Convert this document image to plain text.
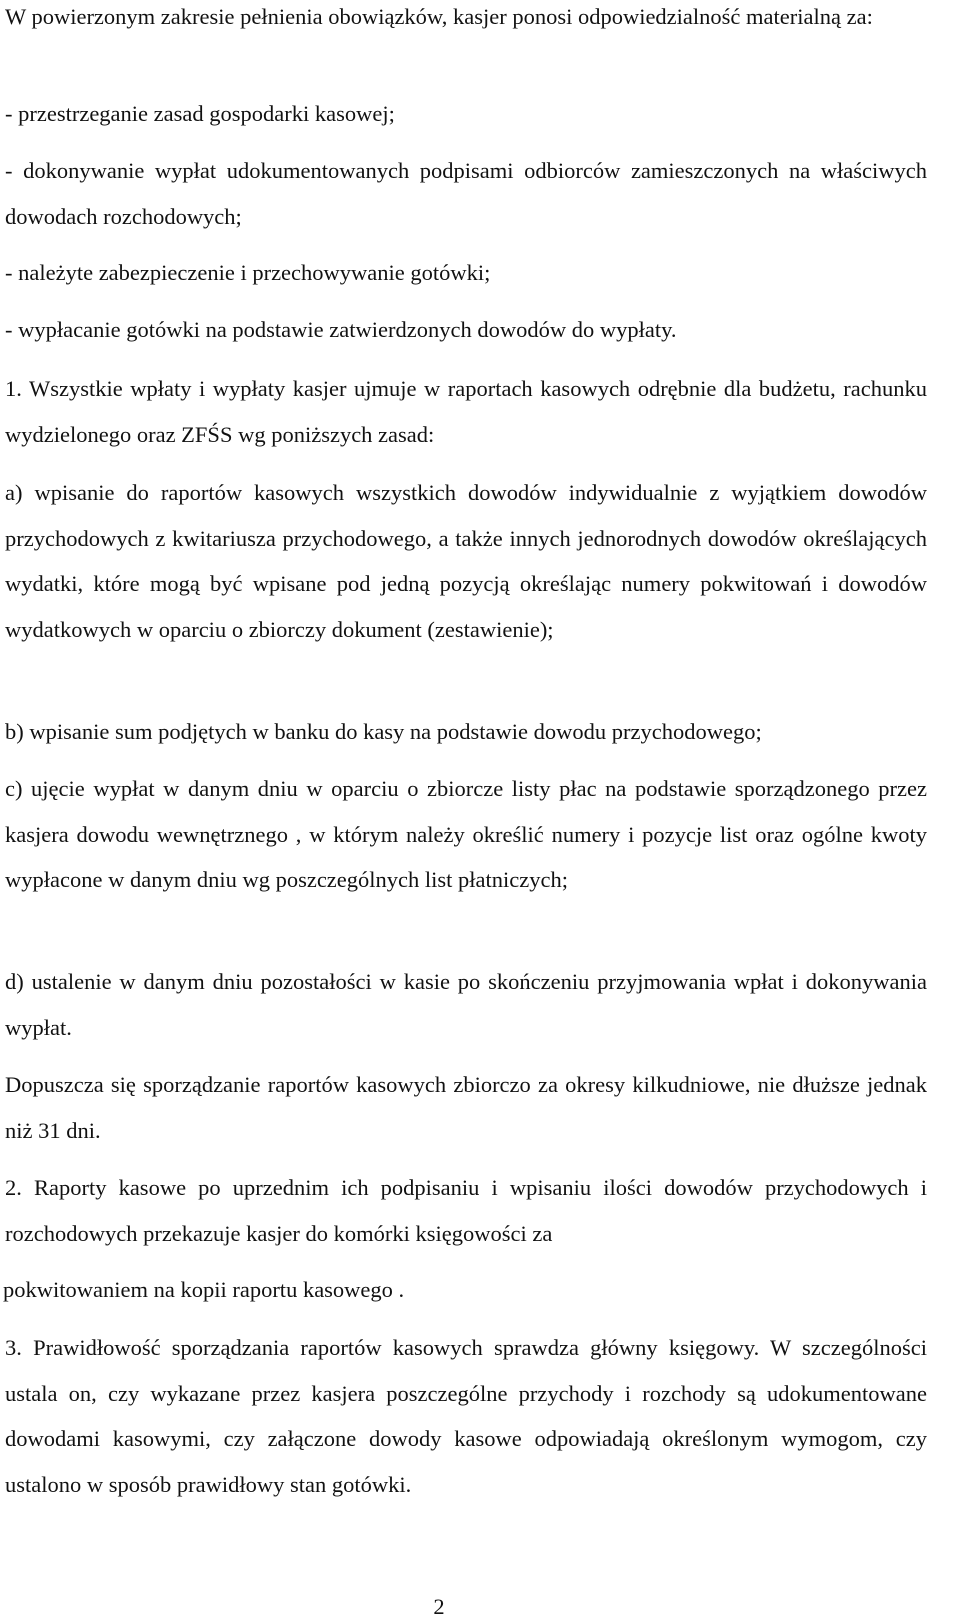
W powierzonym zakresie pełnienia obowiązków, kasjer ponosi odpowiedzialność materialną za:

- przestrzeganie zasad gospodarki kasowej;

- dokonywanie wypłat udokumentowanych podpisami odbiorców zamieszczonych na właściwych dowodach rozchodowych;

- należyte zabezpieczenie i przechowywanie gotówki;

- wypłacanie gotówki na podstawie zatwierdzonych dowodów do wypłaty.

1. Wszystkie wpłaty i wypłaty kasjer ujmuje w raportach kasowych odrębnie dla budżetu, rachunku wydzielonego oraz ZFŚS wg poniższych zasad:

a) wpisanie do raportów kasowych wszystkich dowodów indywidualnie z wyjątkiem dowodów przychodowych z kwitariusza przychodowego, a także innych jednorodnych dowodów określających wydatki, które mogą być wpisane pod jedną pozycją określając numery pokwitowań i dowodów wydatkowych w oparciu o zbiorczy dokument (zestawienie);

b) wpisanie sum podjętych w banku do kasy na podstawie dowodu przychodowego;

c) ujęcie wypłat w danym dniu w oparciu o zbiorcze listy płac na podstawie sporządzonego przez kasjera dowodu wewnętrznego , w którym należy określić numery i pozycje list oraz ogólne kwoty wypłacone w danym dniu wg poszczególnych list płatniczych;

d) ustalenie w danym dniu pozostałości w kasie po skończeniu przyjmowania wpłat i dokonywania wypłat.

Dopuszcza się sporządzanie raportów kasowych zbiorczo za okresy kilkudniowe, nie dłuższe jednak niż 31 dni.

2. Raporty kasowe po uprzednim ich podpisaniu i wpisaniu ilości dowodów przychodowych i rozchodowych przekazuje kasjer do komórki księgowości za

pokwitowaniem na kopii raportu kasowego .

3. Prawidłowość sporządzania raportów kasowych sprawdza główny księgowy. W szczególności ustala on, czy wykazane przez kasjera poszczególne przychody i rozchody są udokumentowane dowodami kasowymi, czy załączone dowody kasowe odpowiadają określonym wymogom, czy ustalono w sposób prawidłowy stan gotówki.

2
